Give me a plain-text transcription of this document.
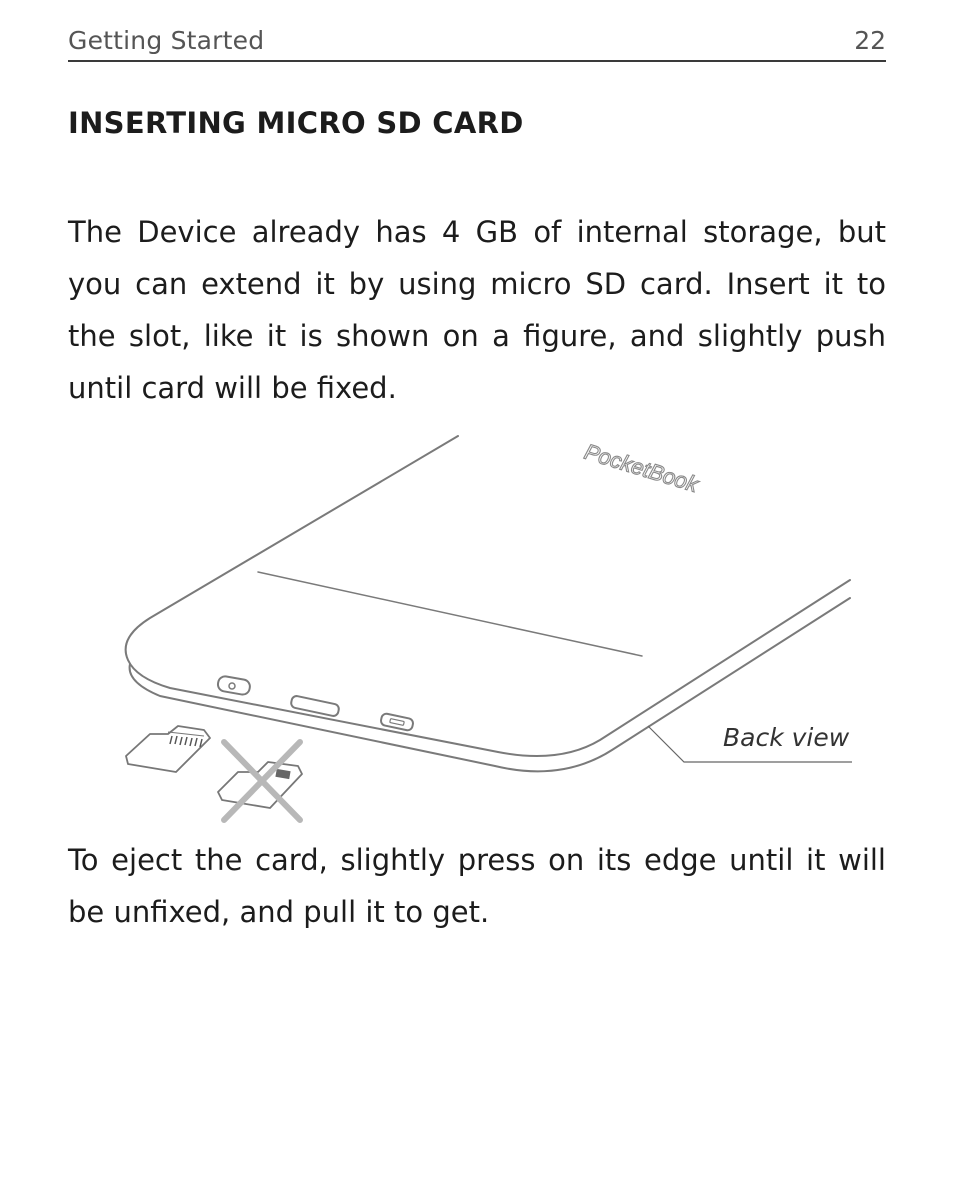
Getting Started	22
INSERTING MICRO SD CARD

The Device already has 4 GB of internal storage, but you can extend it by using micro SD card. Insert it to the slot, like it is shown on a figure, and slightly push until card will be fixed.

PocketBook
Back view

To eject the card, slightly press on its edge until it will be unfixed, and pull it to get.
